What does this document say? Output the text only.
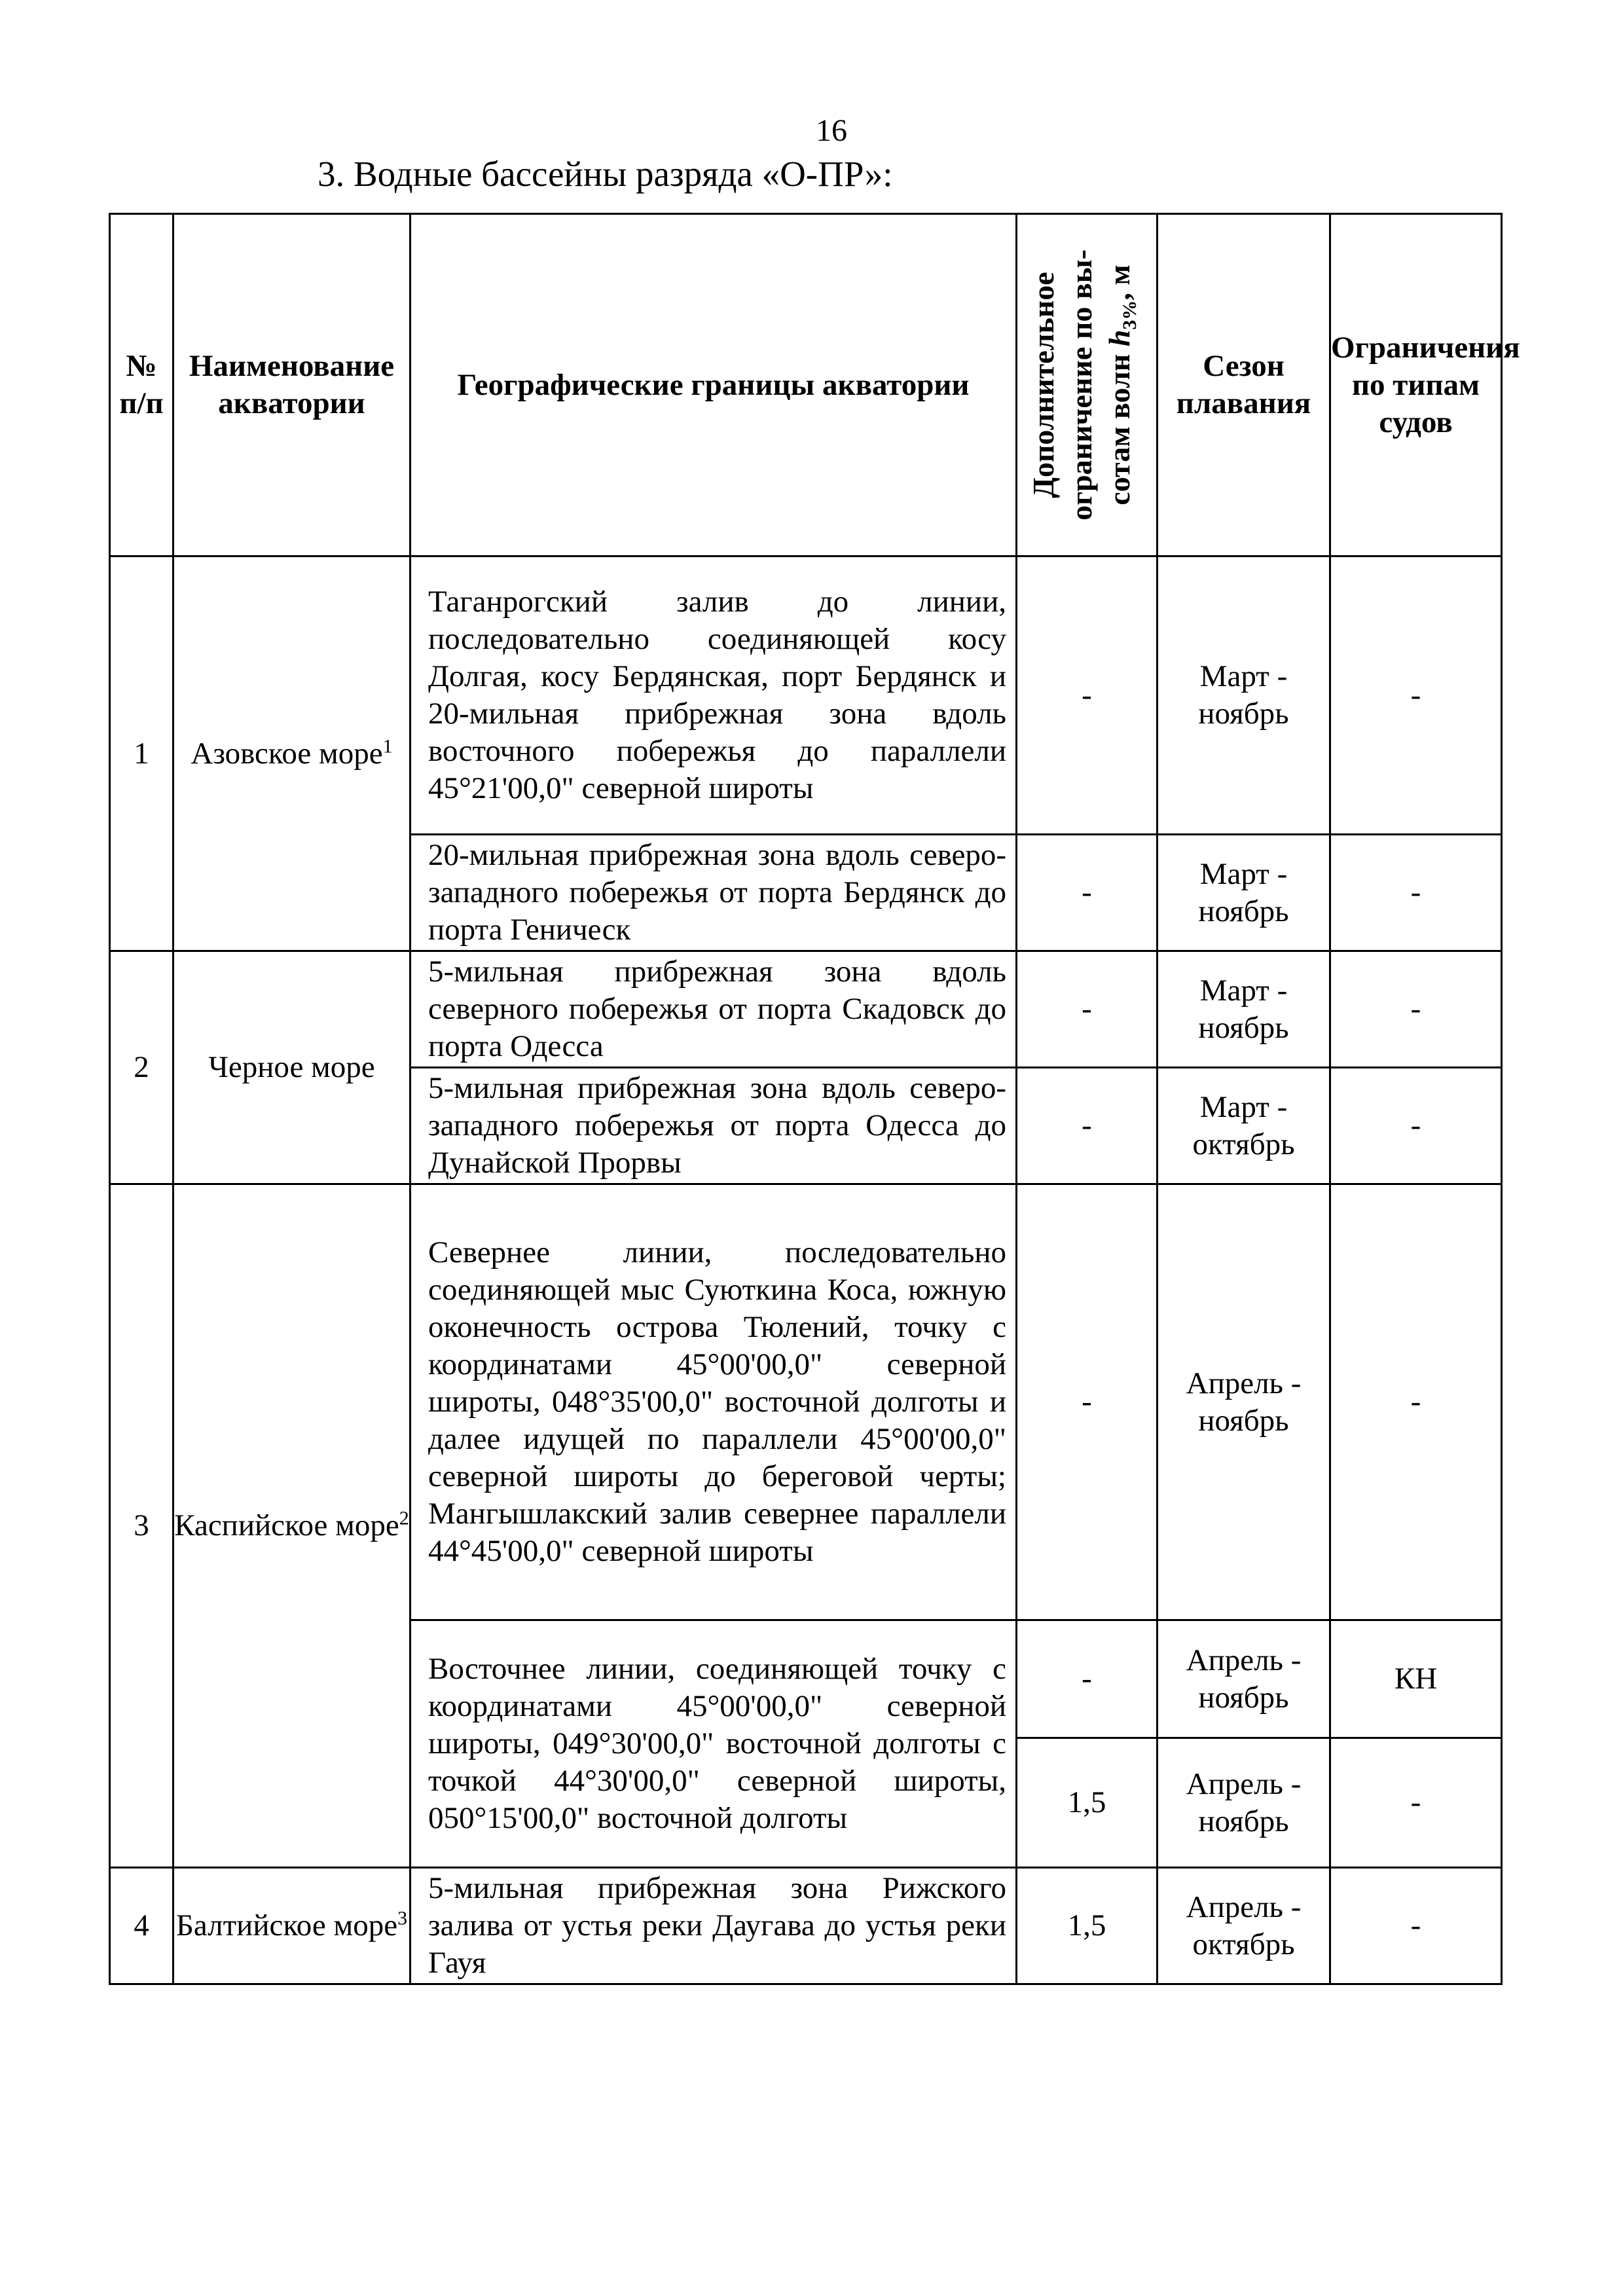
16
3. Водные бассейны разряда «О-ПР»:
№ п/п	Наименование акватории	Географические границы акватории	Дополнительное ограничение по вы-сотам волн $h_{3\%}$, м	Сезон плавания	Ограничения по типам судов
1	Азовское море$^1$	Таганрогский залив до линии, последовательно соединяющей косу Долгая, косу Бердянская, порт Бердянск и 20-мильная прибрежная зона вдоль восточного побережья до параллели 45°21'00,0" северной широты	-	Март - ноябрь	-
		20-мильная прибрежная зона вдоль северо-западного побережья от порта Бердянск до порта Геническ	-	Март - ноябрь	-
2	Черное море	5-мильная прибрежная зона вдоль северного побережья от порта Скадовск до порта Одесса	-	Март - ноябрь	-
		5-мильная прибрежная зона вдоль северо-западного побережья от порта Одесса до Дунайской Прорвы	-	Март - октябрь	-
3	Каспийское море$^2$	Севернее линии, последовательно соединяющей мыс Суюткина Коса, южную оконечность острова Тюлений, точку с координатами 45°00'00,0" северной широты, 048°35'00,0" восточной долготы и далее идущей по параллели 45°00'00,0" северной широты до береговой черты; Мангышлакский залив севернее параллели 44°45'00,0" северной широты	-	Апрель - ноябрь	-
		Восточнее линии, соединяющей точку с координатами 45°00'00,0" северной широты, 049°30'00,0" восточной долготы с точкой 44°30'00,0" северной широты, 050°15'00,0" восточной долготы	-	Апрель - ноябрь	КН
			1,5	Апрель - ноябрь	-
4	Балтийское море$^3$	5-мильная прибрежная зона Рижского залива от устья реки Даугава до устья реки Гауя	1,5	Апрель - октябрь	-
